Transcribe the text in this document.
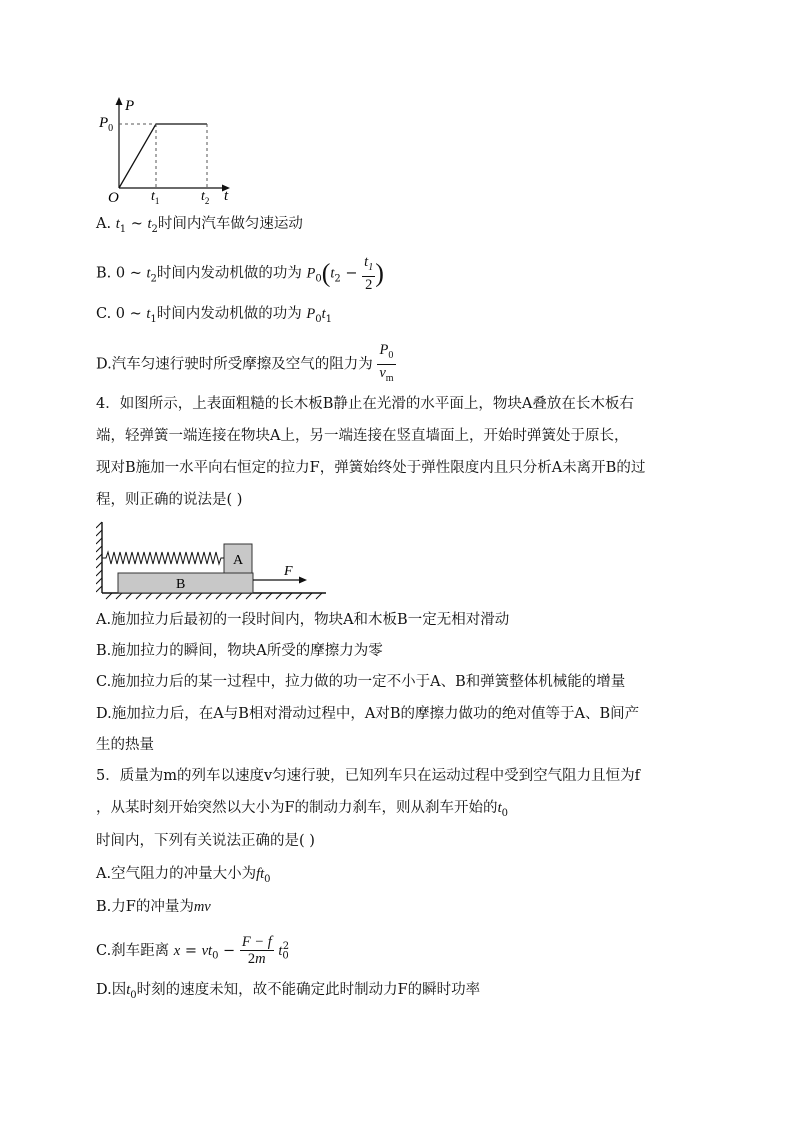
P
$P_0$
O $t_1$	$t_2$ t
A. $t_1$ ~ $t_2$时间内汽车做匀速运动
B. 0 ~ $t_2$时间内发动机做的功为 $P_0(t_2 - \frac{t_1}{2}$ )
C. 0 ~ $t_1$时间内发动机做的功为 $P_0t_1$
D.汽车匀速行驶时所受摩擦及空气的阻力为 $\frac{P_0}{v_m}$
4．如图所示，上表面粗糙的长木板B静止在光滑的水平面上，物块A叠放在长木板右
端，轻弹簧一端连接在物块A上，另一端连接在竖直墙面上，开始时弹簧处于原长，
现对B施加一水平向右恒定的拉力F，弹簧始终处于弹性限度内且只分析A未离开B的过
程，则正确的说法是( )
B
A
F
A.施加拉力后最初的一段时间内，物块A和木板B一定无相对滑动
B.施加拉力的瞬间，物块A所受的摩擦力为零
C.施加拉力后的某一过程中，拉力做的功一定不小于A、B和弹簧整体机械能的增量
D.施加拉力后，在A与B相对滑动过程中，A对B的摩擦力做功的绝对值等于A、B间产
生的热量
5．质量为m的列车以速度v匀速行驶，已知列车只在运动过程中受到空气阻力且恒为f
，从某时刻开始突然以大小为F的制动力刹车，则从刹车开始的$t_0$
时间内，下列有关说法正确的是( )
A.空气阻力的冲量大小为$ft_0$
B.力F的冲量为mv
C.刹车距离 $x = vt_0 - \frac{F - f}{2m} t_0^2$
D.因$t_0$时刻的速度未知，故不能确定此时制动力F的瞬时功率
